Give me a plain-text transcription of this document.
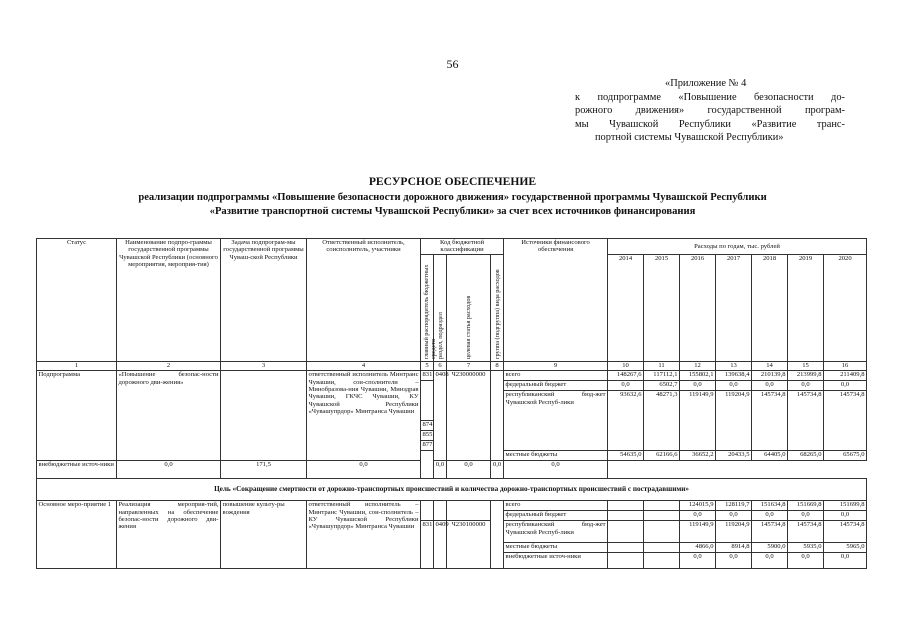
56
«Приложение № 4
к подпрограмме «Повышение безопасности до-
рожного движения» государственной програм-
мы Чувашской Республики «Развитие транс-
портной системы Чувашской Республики»
РЕСУРСНОЕ ОБЕСПЕЧЕНИЕ
реализации подпрограммы «Повышение безопасности дорожного движения» государственной программы Чувашской Республики
«Развитие транспортной системы Чувашской Республики» за счет всех источников финансирования
Статус	Наименование подпро-граммы государственной программы Чувашской Республики (основного мероприятия, мероприя-тия)	Задача подпрограм-мы государственной программы Чуваш-ской Республики	Ответственный исполнитель, соисполнитель, участники	Код бюджетной классификации				Источники финансового обеспечения	Расходы по годам, тыс. рублей						
				главный распорядитель бюджетных средств	раздел, подраздел	целевая статья расходов	группа (подгруппа) вида расходов		2014	2015	2016	2017	2018	2019	2020
1	2	3	4	5	6	7	8	9	10	11	12	13	14	15	16
Подпрограмма	«Повышение безопас-ности дорожного дви-жения»		ответственный исполнитель Минтранс Чувашии, сои-сполнители – Минобразова-ния Чувашии, Минздрав Чувашии, ГКЧС Чувашии, КУ Чувашской Республики «Чувашупрдор» Минтранса Чувашии	831	0408	Ч230000000		всего	148267,6	117112,1	155802,1	139638,4	210139,8	213999,8	211409,8
								федеральный бюджет	0,0	6502,7	0,0	0,0	0,0	0,0	0,0
								республиканский бюд-жет Чувашской Респуб-лики	93632,6	48271,3	119149,9	119204,9	145734,8	145734,8	145734,8
				874											
				855											
				877											
								местные бюджеты	54635,0	62166,6	36652,2	20433,5	64405,0	68265,0	65675,0
внебюджетные источ-ники	0,0	171,5	0,0		0,0	0,0	0,0	0,0							
Цель «Сокращение смертности от дорожно-транспортных происшествий и количества дорожно-транспортных происшествий с пострадавшими»															
Основное меро-приятие 1	Реализация мероприя-тий, направленных на обеспечение безопас-ности дорожного дви-жения	повышение культу-ры вождения	ответственный исполнитель – Минтранс Чувашии, сои-сполнитель – КУ Чувашской Республики «Чувашупрдор» Минтранса Чувашии					всего			124015,9	128119,7	151634,8	151669,8	151699,8
								федеральный бюджет			0,0	0,0	0,0	0,0	0,0
				831	0409	Ч230100000		республиканский бюд-жет Чувашской Респуб-лики			119149,9	119204,9	145734,8	145734,8	145734,8
								местные бюджеты			4866,0	8914,8	5900,0	5935,0	5965,0
								внебюджетные источ-ники			0,0	0,0	0,0	0,0	0,0
